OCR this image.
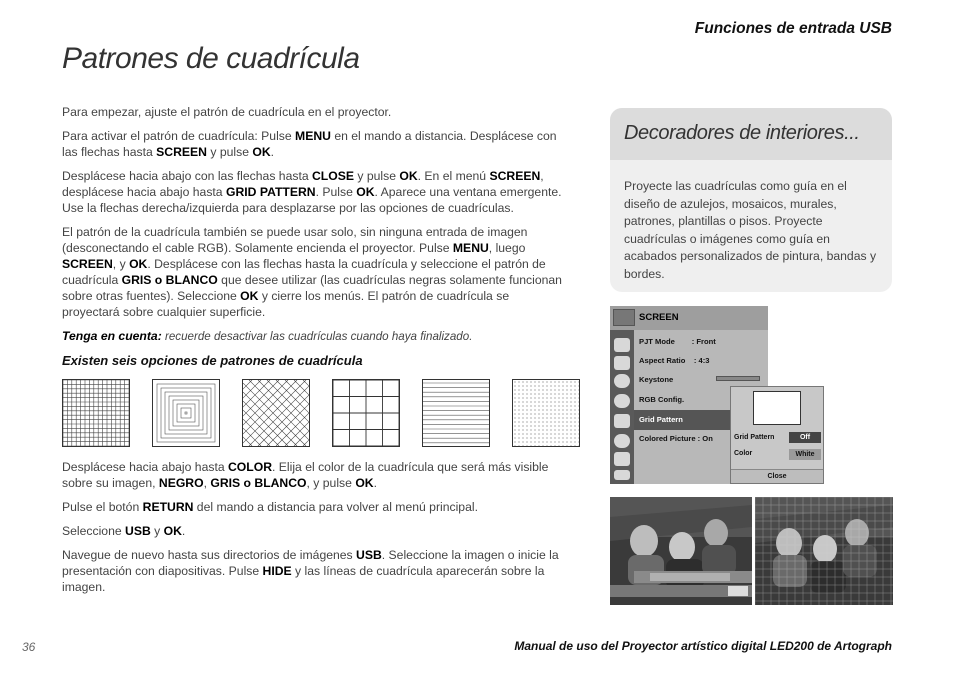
Funciones de entrada USB
Patrones de cuadrícula

Para empezar, ajuste el patrón de cuadrícula en el proyector.

Para activar el patrón de cuadrícula: Pulse MENU en el mando a distancia. Desplácese con las flechas hasta SCREEN y pulse OK.

Desplácese hacia abajo con las flechas hasta CLOSE y pulse OK. En el menú SCREEN, desplácese hacia abajo hasta GRID PATTERN. Pulse OK. Aparece una ventana emergente. Use la flechas derecha/izquierda para desplazarse por las opciones de cuadrículas.

El patrón de la cuadrícula también se puede usar solo, sin ninguna entrada de imagen (desconectando el cable RGB). Solamente encienda el proyector. Pulse MENU, luego SCREEN, y OK. Desplácese con las flechas hasta la cuadrícula y seleccione el patrón de cuadrícula GRIS o BLANCO que desee utilizar (las cuadrículas negras solamente funcionan sobre otras fuentes). Seleccione OK y cierre los menús. El patrón de cuadrícula se proyectará sobre cualquier superficie.

Tenga en cuenta: recuerde desactivar las cuadrículas cuando haya finalizado.

Existen seis opciones de patrones de cuadrícula

Desplácese hacia abajo hasta COLOR. Elija el color de la cuadrícula que será más visible sobre su imagen, NEGRO, GRIS o BLANCO, y pulse OK.

Pulse el botón RETURN del mando a distancia para volver al menú principal.

Seleccione USB y OK.

Navegue de nuevo hasta sus directorios de imágenes USB. Seleccione la imagen o inicie la presentación con diapositivas. Pulse HIDE y las líneas de cuadrícula aparecerán sobre la imagen.

Decoradores de interiores...
Proyecte las cuadrículas como guía en el diseño de azulejos, mosaicos, murales, patrones, plantillas o pisos. Proyecte cuadrículas o imágenes como guía en acabados personalizados de pintura, bandas y bordes.
SCREEN
PJT Mode        : Front
Aspect Ratio    : 4:3
Keystone
RGB Config.
Grid Pattern
Colored Picture : On	Grid Pattern	Off
Color	White
Close
36	Manual de uso del Proyector artístico digital LED200 de Artograph
